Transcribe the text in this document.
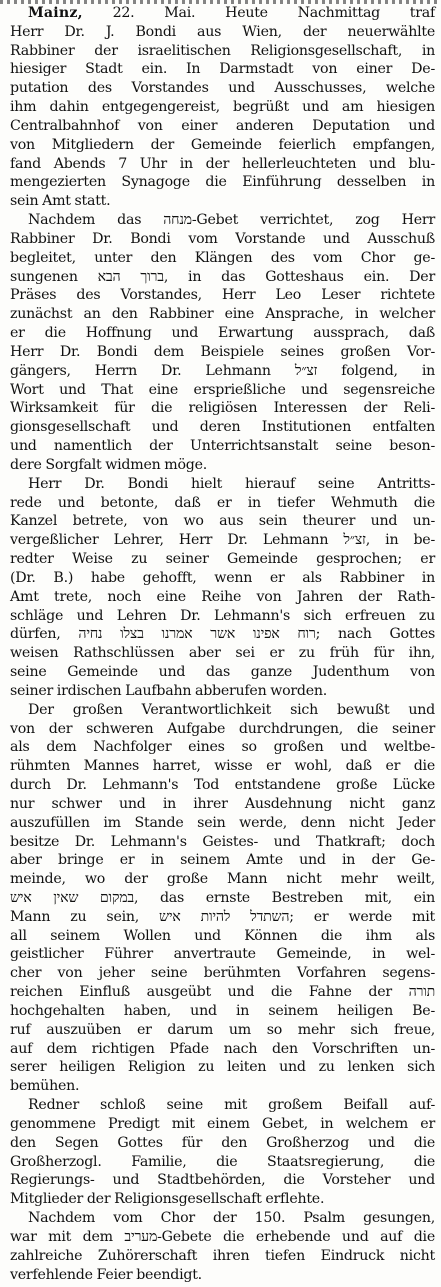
Mainz, 22. Mai. Heute Nachmittag traf
Herr Dr. J. Bondi aus Wien, der neuerwählte
Rabbiner der israelitischen Religionsgesellschaft, in
hiesiger Stadt ein. In Darmstadt von einer De-
putation des Vorstandes und Ausschusses, welche
ihm dahin entgegengereist, begrüßt und am hiesigen
Centralbahnhof von einer anderen Deputation und
von Mitgliedern der Gemeinde feierlich empfangen,
fand Abends 7 Uhr in der hellerleuchteten und blu-
mengezierten Synagoge die Einführung desselben in
sein Amt statt.
Nachdem das מנחה-Gebet verrichtet, zog Herr
Rabbiner Dr. Bondi vom Vorstande und Ausschuß
begleitet, unter den Klängen des vom Chor ge-
sungenen ברוך הבא, in das Gotteshaus ein. Der
Präses des Vorstandes, Herr Leo Leser richtete
zunächst an den Rabbiner eine Ansprache, in welcher
er die Hoffnung und Erwartung aussprach, daß
Herr Dr. Bondi dem Beispiele seines großen Vor-
gängers, Herrn Dr. Lehmann זצ״ל folgend, in
Wort und That eine ersprießliche und segensreiche
Wirksamkeit für die religiösen Interessen der Reli-
gionsgesellschaft und deren Institutionen entfalten
und namentlich der Unterrichtsanstalt seine beson-
dere Sorgfalt widmen möge.
Herr Dr. Bondi hielt hierauf seine Antritts-
rede und betonte, daß er in tiefer Wehmuth die
Kanzel betrete, von wo aus sein theurer und un-
vergeßlicher Lehrer, Herr Dr. Lehmann זצ״ל, in be-
redter Weise zu seiner Gemeinde gesprochen; er
(Dr. B.) habe gehofft, wenn er als Rabbiner in
Amt trete, noch eine Reihe von Jahren der Rath-
schläge und Lehren Dr. Lehmann's sich erfreuen zu
dürfen, רוח אפינו אשר אמרנו בצלו נחיה; nach Gottes
weisen Rathschlüssen aber sei er zu früh für ihn,
seine Gemeinde und das ganze Judenthum von
seiner irdischen Laufbahn abberufen worden.
Der großen Verantwortlichkeit sich bewußt und
von der schweren Aufgabe durchdrungen, die seiner
als dem Nachfolger eines so großen und weltbe-
rühmten Mannes harret, wisse er wohl, daß er die
durch Dr. Lehmann's Tod entstandene große Lücke
nur schwer und in ihrer Ausdehnung nicht ganz
auszufüllen im Stande sein werde, denn nicht Jeder
besitze Dr. Lehmann's Geistes- und Thatkraft; doch
aber bringe er in seinem Amte und in der Ge-
meinde, wo der große Mann nicht mehr weilt,
במקום שאין איש, das ernste Bestreben mit, ein
Mann zu sein, השתדל להיות איש; er werde mit
all seinem Wollen und Können die ihm als
geistlicher Führer anvertraute Gemeinde, in wel-
cher von jeher seine berühmten Vorfahren segens-
reichen Einfluß ausgeübt und die Fahne der תורה
hochgehalten haben, und in seinem heiligen Be-
ruf auszuüben er darum um so mehr sich freue,
auf dem richtigen Pfade nach den Vorschriften un-
serer heiligen Religion zu leiten und zu lenken sich
bemühen.
Redner schloß seine mit großem Beifall auf-
genommene Predigt mit einem Gebet, in welchem er
den Segen Gottes für den Großherzog und die
Großherzogl. Familie, die Staatsregierung, die
Regierungs- und Stadtbehörden, die Vorsteher und
Mitglieder der Religionsgesellschaft erflehte.
Nachdem vom Chor der 150. Psalm gesungen,
war mit dem מעריב-Gebete die erhebende und auf die
zahlreiche Zuhörerschaft ihren tiefen Eindruck nicht
verfehlende Feier beendigt.
